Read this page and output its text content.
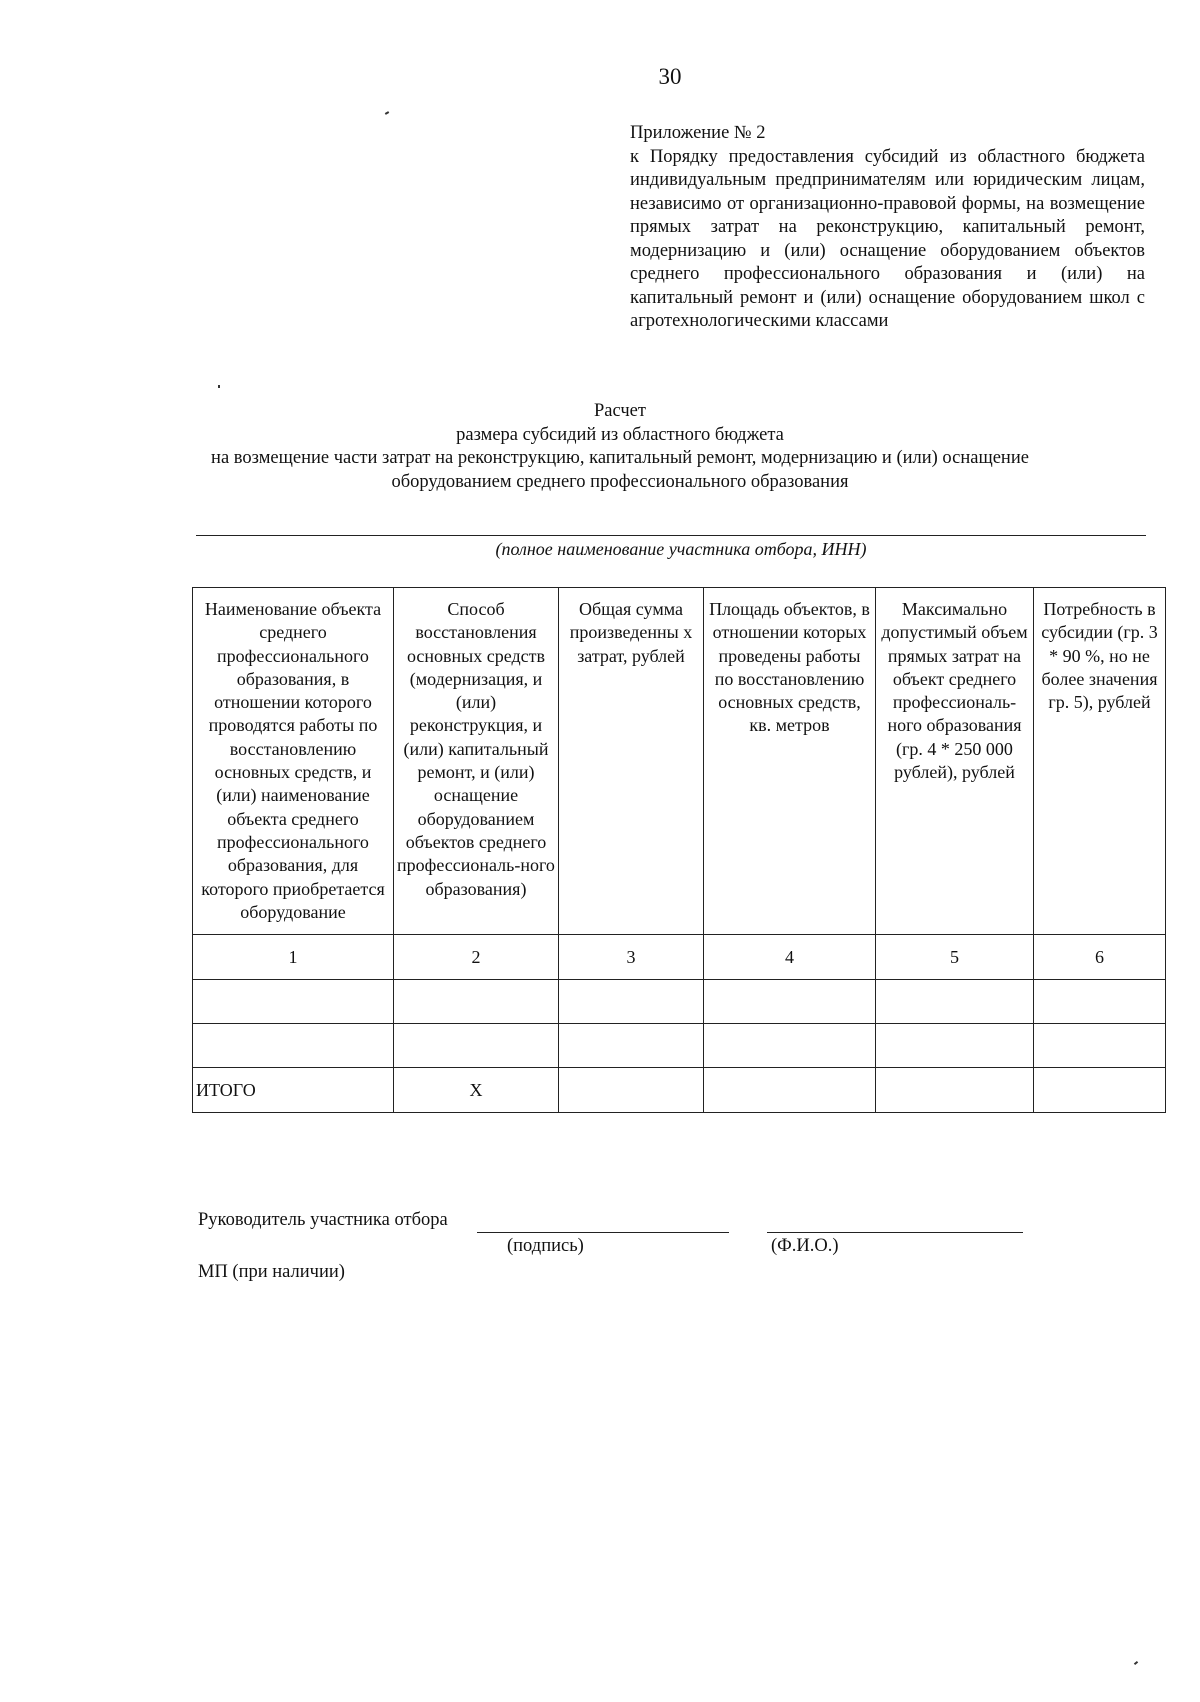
30
Приложение № 2
к Порядку предоставления субсидий из областного бюджета индивидуальным предпринимателям или юридическим лицам, независимо от организационно-правовой формы, на возмещение прямых затрат на реконструкцию, капитальный ремонт, модернизацию и (или) оснащение оборудованием объектов среднего профессионального образования и (или) на капитальный ремонт и (или) оснащение оборудованием школ с агротехнологическими классами
Расчет
размера субсидий из областного бюджета
на возмещение части затрат на реконструкцию, капитальный ремонт, модернизацию и (или) оснащение
оборудованием среднего профессионального образования
(полное наименование участника отбора, ИНН)
Наименование объекта среднего профессионального образования, в отношении которого проводятся работы по восстановлению основных средств, и (или) наименование объекта среднего профессионального образования, для которого приобретается оборудование	Способ восстановления основных средств (модернизация, и (или) реконструкция, и (или) капитальный ремонт, и (или) оснащение оборудованием объектов среднего профессиональ-ного образования)	Общая сумма произведенны х затрат, рублей	Площадь объектов, в отношении которых проведены работы по восстановлению основных средств, кв. метров	Максимально допустимый объем прямых затрат на объект среднего профессиональ-ного образования (гр. 4 * 250 000 рублей), рублей	Потребность в субсидии (гр. 3 * 90 %, но не более значения гр. 5), рублей
1	2	3	4	5	6

ИТОГО	X				
Руководитель участника отбора
(подпись)	(Ф.И.О.)
МП (при наличии)
